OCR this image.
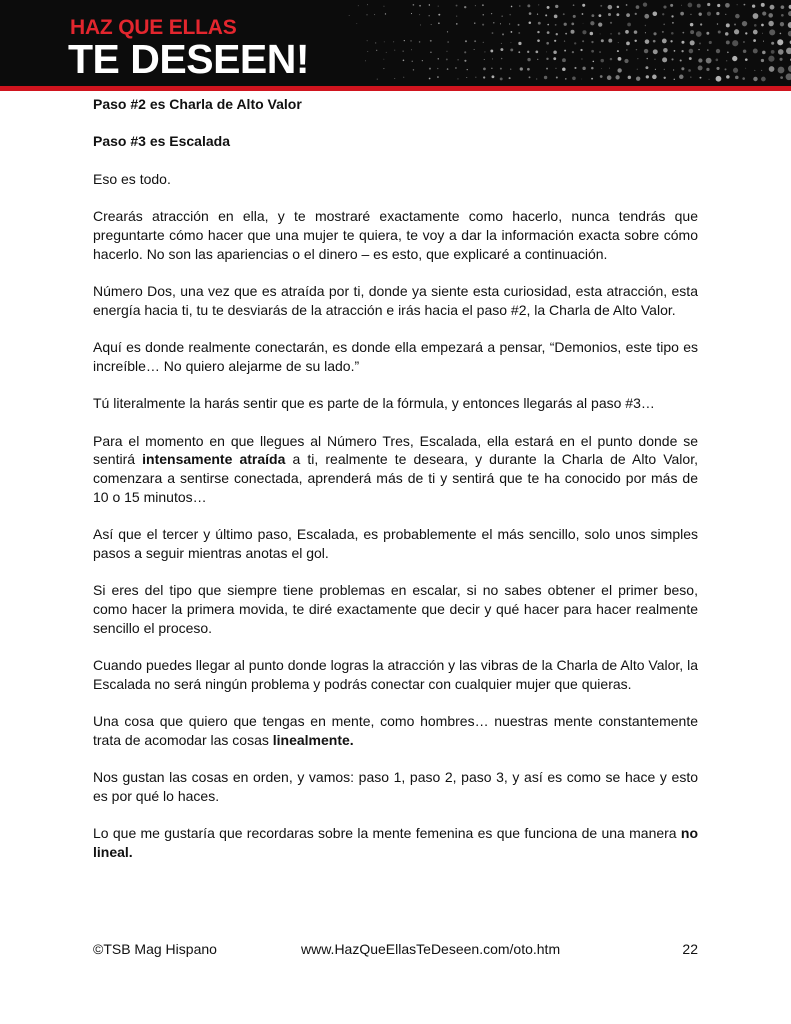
HAZ QUE ELLAS
TE DESEEN!

Paso #2 es Charla de Alto Valor

Paso #3 es Escalada

Eso es todo.

Crearás atracción en ella, y te mostraré exactamente como hacerlo, nunca tendrás que preguntarte cómo hacer que una mujer te quiera, te voy a dar la información exacta sobre cómo hacerlo. No son las apariencias o el dinero – es esto, que explicaré a continuación.

Número Dos, una vez que es atraída por ti, donde ya siente esta curiosidad, esta atracción, esta energía hacia ti, tu te desviarás de la atracción e irás hacia el paso #2, la Charla de Alto Valor.

Aquí es donde realmente conectarán, es donde ella empezará a pensar, “Demonios, este tipo es increíble… No quiero alejarme de su lado.”

Tú literalmente la harás sentir que es parte de la fórmula, y entonces llegarás al paso #3…

Para el momento en que llegues al Número Tres, Escalada, ella estará en el punto donde se sentirá intensamente atraída a ti, realmente te deseara, y durante la Charla de Alto Valor, comenzara a sentirse conectada, aprenderá más de ti y sentirá que te ha conocido por más de 10 o 15 minutos…

Así que el tercer y último paso, Escalada, es probablemente el más sencillo, solo unos simples pasos a seguir mientras anotas el gol.

Si eres del tipo que siempre tiene problemas en escalar, si no sabes obtener el primer beso, como hacer la primera movida, te diré exactamente que decir y qué hacer para hacer realmente sencillo el proceso.

Cuando puedes llegar al punto donde logras la atracción y las vibras de la Charla de Alto Valor, la Escalada no será ningún problema y podrás conectar con cualquier mujer que quieras.

Una cosa que quiero que tengas en mente, como hombres… nuestras mente constantemente trata de acomodar las cosas linealmente.

Nos gustan las cosas en orden, y vamos: paso 1, paso 2, paso 3, y así es como se hace y esto es por qué lo haces.

Lo que me gustaría que recordaras sobre la mente femenina es que funciona de una manera no lineal.

©TSB Mag Hispano	www.HazQueEllasTeDeseen.com/oto.htm	22
